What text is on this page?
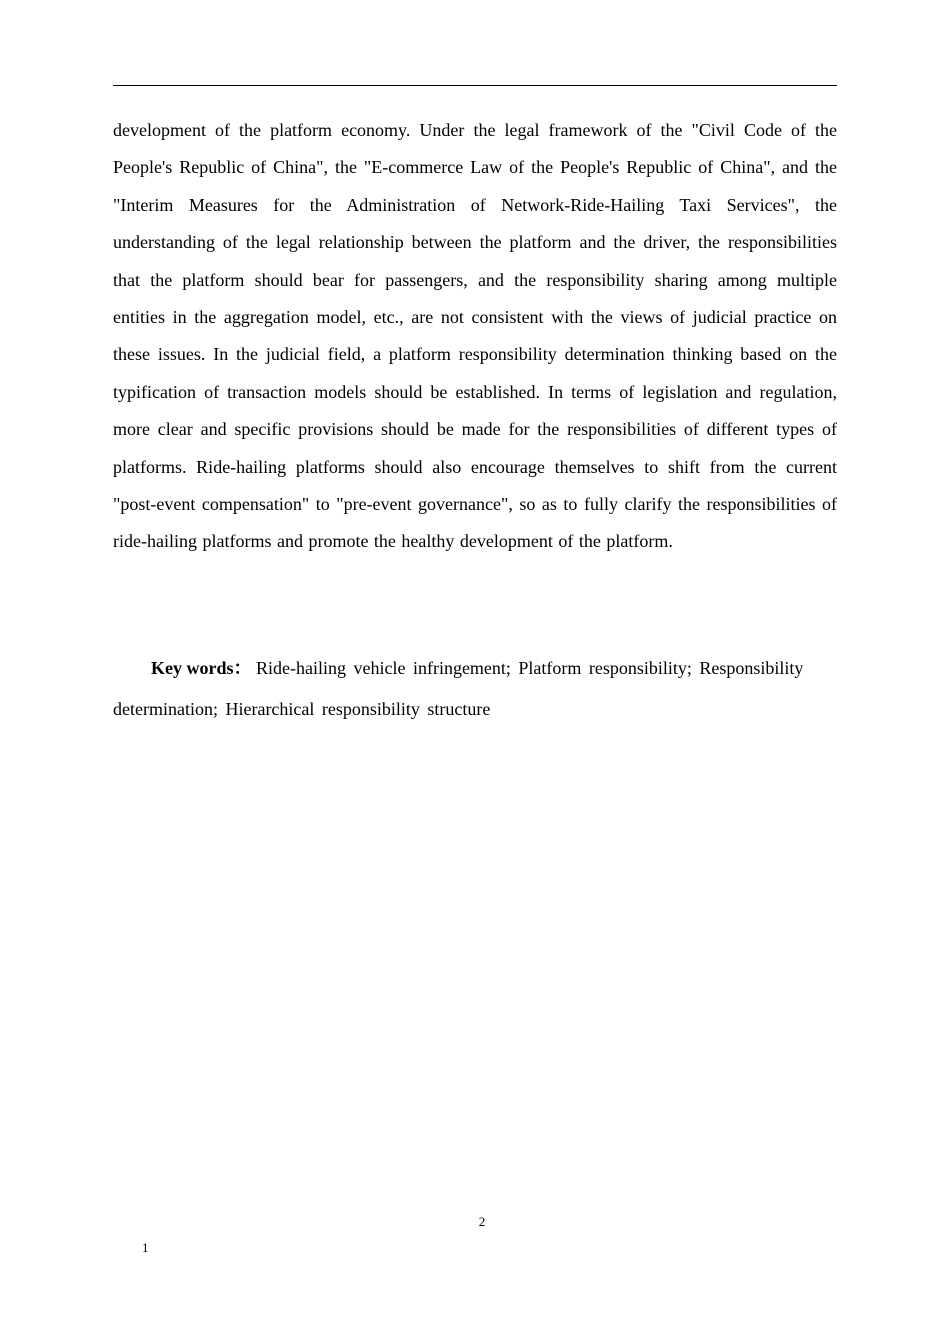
development of the platform economy. Under the legal framework of the "Civil Code of the People's Republic of China", the "E-commerce Law of the People's Republic of China", and the "Interim Measures for the Administration of Network-Ride-Hailing Taxi Services", the understanding of the legal relationship between the platform and the driver, the responsibilities that the platform should bear for passengers, and the responsibility sharing among multiple entities in the aggregation model, etc., are not consistent with the views of judicial practice on these issues. In the judicial field, a platform responsibility determination thinking based on the typification of transaction models should be established. In terms of legislation and regulation, more clear and specific provisions should be made for the responsibilities of different types of platforms. Ride-hailing platforms should also encourage themselves to shift from the current "post-event compensation" to "pre-event governance", so as to fully clarify the responsibilities of ride-hailing platforms and promote the healthy development of the platform.

Key words： Ride-hailing vehicle infringement; Platform responsibility; Responsibility determination; Hierarchical responsibility structure
2
1
